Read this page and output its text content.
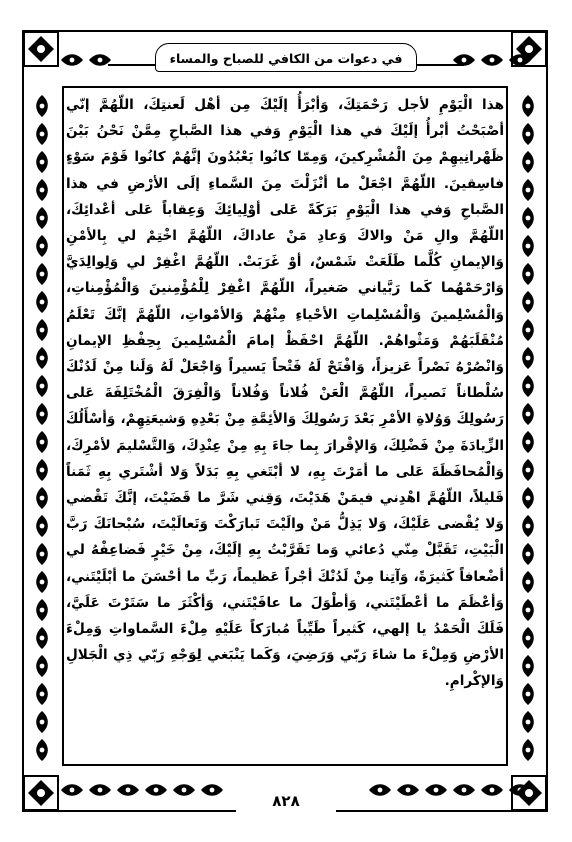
في دعوات من الكافي للصباح والمساء

هذا الْيَوْمِ لأجل رَحْمَتِكَ، وَأبْرَأُ إلَيْكَ مِن أهْل لَعنتِكَ، اللّهُمَّ إنّي أصْبَحْتُ أبْرأُ إلَيْكَ في هذا الْيَوْمِ وَفي هذا الصَّباحِ مِمَّنْ نَحْنُ بَيْنَ ظَهْرانِيهِمْ مِنَ الْمُشْرِكينَ، وَمِمّا كانُوا يَعْبُدُونَ إنَّهُمْ كانُوا قَوْمَ سَوْءٍ فاسِقينَ. اللّهُمَّ اجْعَلْ ما أنْزَلْتَ مِنَ السَّماءِ إلَى الأرْضِ في هذا الصَّباحِ وَفي هذا الْيَوْمِ بَرَكَةً عَلى أوْلِيائِكَ وَعِقاباً عَلى أعْدائِكَ، اللّهُمَّ والِ مَنْ والاكَ وَعادِ مَنْ عاداكَ، اللّهُمَّ اخْتِمْ لي بِالأمْنِ وَالإيمانِ كُلَّما طَلَعَتْ شَمْسٌ، أوْ غَرَبَتْ. اللّهُمَّ اغْفِرْ لي وَلِوالِدَيَّ وَارْحَمْهُما كَما رَبَّياني صَغيراً، اللّهُمَّ اغْفِرْ لِلْمُؤْمِنينَ وَالْمُؤْمِناتِ، وَالْمُسْلِمينَ وَالْمُسْلِماتِ الأحْياءِ مِنْهُمْ وَالأمْواتِ، اللّهُمَّ إنَّكَ تَعْلَمُ مُنْقَلَبَهُمْ وَمَثْواهُمْ. اللّهُمَّ احْفَظْ إمامَ الْمُسْلِمينَ بِحِفْظِ الإيمانِ وَانْصُرْهُ نَصْراً عَزيزاً، وَافْتَحْ لَهُ فَتْحاً يَسيراً وَاجْعَلْ لَهُ وَلَنا مِنْ لَدُنْكَ سُلْطاناً نَصيراً، اللّهُمَّ الْعَنْ فُلاناً وَفُلاناً وَالْفِرَقَ الْمُخْتَلِفَةَ عَلى رَسُولِكَ وَوُلاةِ الأمْرِ بَعْدَ رَسُولِكَ وَالأئِمَّةِ مِنْ بَعْدِهِ وَشيعَتِهِمْ، وَأسْأَلُكَ الزِّيادَةَ مِنْ فَضْلِكَ، وَالإقْرارَ بِما جاءَ بِهِ مِنْ عِنْدِكَ، وَالتَّسْليمَ لأمْرِكَ، وَالْمُحافَظَةَ عَلى ما أمَرْتَ بِهِ، لا أبْتَغي بِهِ بَدَلاً وَلا أشْتَري بِهِ ثَمَناً قَليلاً، اللّهُمَّ اهْدِني فيمَنْ هَدَيْتَ، وَقِني شَرَّ ما قَضَيْتَ، إنَّكَ تَقْضي وَلا يُقْضى عَلَيْكَ، وَلا يَذِلُّ مَنْ والَيْتَ تَبارَكْتَ وَتَعالَيْتَ، سُبْحانَكَ رَبَّ الْبَيْتِ، تَقَبَّلْ مِنّي دُعائي وَما تَقَرَّبْتُ بِهِ إلَيْكَ، مِنْ خَيْرٍ فَضاعِفْهُ لي أضْعافاً كَثيرَةً، وَآتِنا مِنْ لَدُنْكَ أجْراً عَظيماً، رَبِّ ما أحْسَنَ ما أبْلَيْتَني، وَأعْظَمَ ما أعْطَيْتَني، وَأطْوَلَ ما عافَيْتَني، وَأكْثَرَ ما سَتَرْتَ عَلَيَّ، فَلَكَ الْحَمْدُ يا إلهي، كَثيراً طَيِّباً مُبارَكاً عَلَيْهِ مِلْءَ السَّماواتِ وَمِلْءَ الأرْضِ وَمِلْءَ ما شاءَ رَبّي وَرَضِيَ، وَكَما يَنْبَغي لِوَجْهِ رَبّي ذِي الْجَلالِ وَالإكْرامِ.

٨٢٨
